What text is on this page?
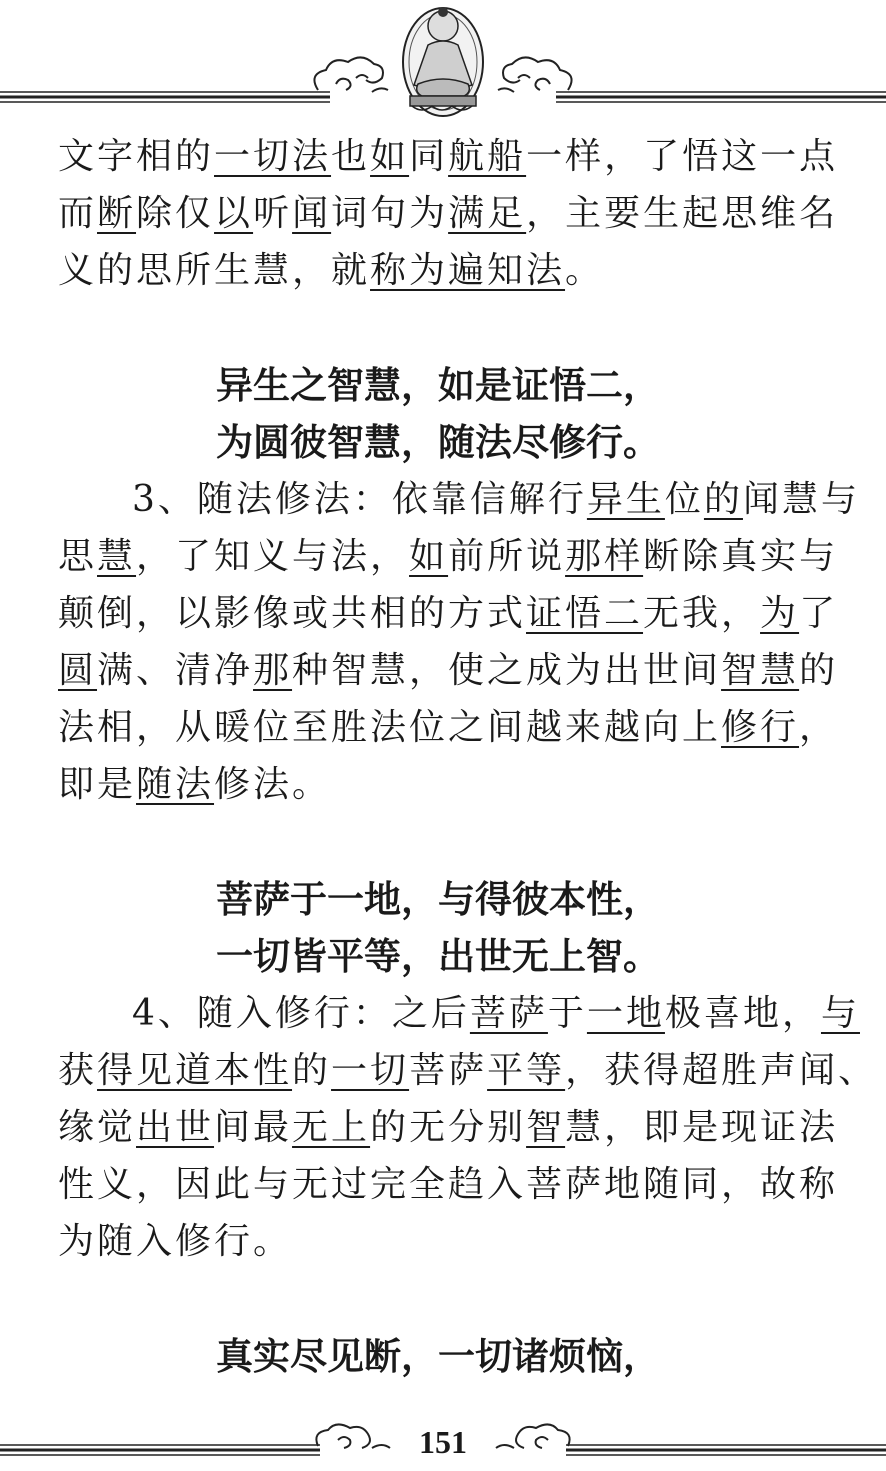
文字相的一切法也如同航船一样，了悟这一点
而断除仅以听闻词句为满足，主要生起思维名
义的思所生慧，就称为遍知法。

异生之智慧，如是证悟二，

为圆彼智慧，随法尽修行。

3、随法修法：依靠信解行异生位的闻慧与
思慧，了知义与法，如前所说那样断除真实与
颠倒，以影像或共相的方式证悟二无我，为了
圆满、清净那种智慧，使之成为出世间智慧的
法相，从暖位至胜法位之间越来越向上修行，
即是随法修法。

菩萨于一地，与得彼本性，

一切皆平等，出世无上智。

4、随入修行：之后菩萨于一地极喜地，与
获得见道本性的一切菩萨平等，获得超胜声闻、
缘觉出世间最无上的无分别智慧，即是现证法
性义，因此与无过完全趋入菩萨地随同，故称
为随入修行。

真实尽见断，一切诸烦恼，

151
